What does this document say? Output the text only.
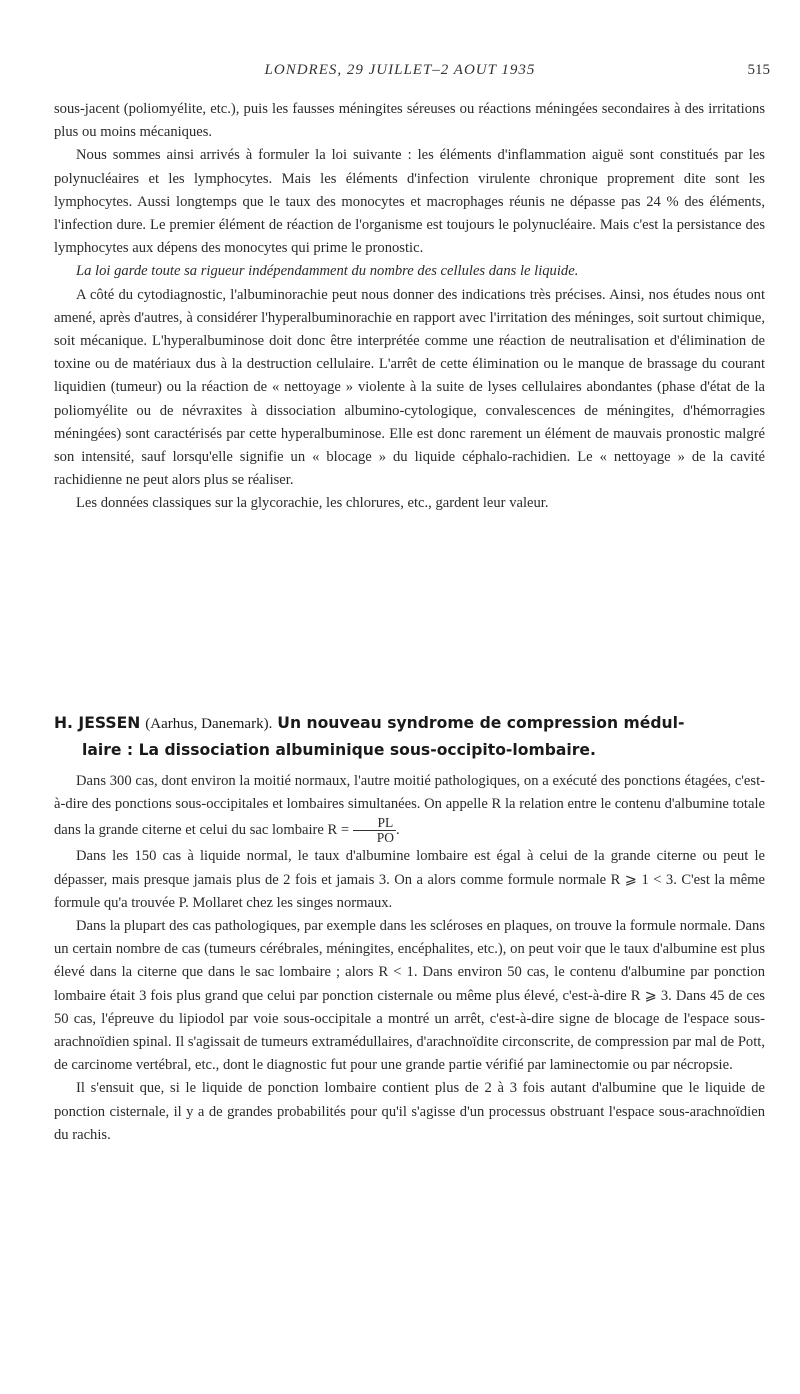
LONDRES, 29 JUILLET–2 AOUT 1935	515

sous-jacent (poliomyélite, etc.), puis les fausses méningites séreuses ou réactions méningées secondaires à des irritations plus ou moins mécaniques.

Nous sommes ainsi arrivés à formuler la loi suivante : les éléments d'inflammation aiguë sont constitués par les polynucléaires et les lymphocytes. Mais les éléments d'infection virulente chronique proprement dite sont les lymphocytes. Aussi longtemps que le taux des monocytes et macrophages réunis ne dépasse pas 24 % des éléments, l'infection dure. Le premier élément de réaction de l'organisme est toujours le polynucléaire. Mais c'est la persistance des lymphocytes aux dépens des monocytes qui prime le pronostic.

La loi garde toute sa rigueur indépendamment du nombre des cellules dans le liquide.

A côté du cytodiagnostic, l'albuminorachie peut nous donner des indications très précises. Ainsi, nos études nous ont amené, après d'autres, à considérer l'hyperalbuminorachie en rapport avec l'irritation des méninges, soit surtout chimique, soit mécanique. L'hyperalbuminose doit donc être interprétée comme une réaction de neutralisation et d'élimination de toxine ou de matériaux dus à la destruction cellulaire. L'arrêt de cette élimination ou le manque de brassage du courant liquidien (tumeur) ou la réaction de « nettoyage » violente à la suite de lyses cellulaires abondantes (phase d'état de la poliomyélite ou de névraxites à dissociation albumino-cytologique, convalescences de méningites, d'hémorragies méningées) sont caractérisés par cette hyperalbuminose. Elle est donc rarement un élément de mauvais pronostic malgré son intensité, sauf lorsqu'elle signifie un « blocage » du liquide céphalo-rachidien. Le « nettoyage » de la cavité rachidienne ne peut alors plus se réaliser.

Les données classiques sur la glycorachie, les chlorures, etc., gardent leur valeur.

H. JESSEN (Aarhus, Danemark). Un nouveau syndrome de compression médul-
laire : La dissociation albuminique sous-occipito-lombaire.

Dans 300 cas, dont environ la moitié normaux, l'autre moitié pathologiques, on a exécuté des ponctions étagées, c'est-à-dire des ponctions sous-occipitales et lombaires simultanées. On appelle R la relation entre le contenu d'albumine totale dans la grande citerne et celui du sac lombaire $R = \frac{PL}{PO}$ .

Dans les 150 cas à liquide normal, le taux d'albumine lombaire est égal à celui de la grande citerne ou peut le dépasser, mais presque jamais plus de 2 fois et jamais 3. On a alors comme formule normale R ⩾ 1 < 3. C'est la même formule qu'a trouvée P. Mollaret chez les singes normaux.

Dans la plupart des cas pathologiques, par exemple dans les scléroses en plaques, on trouve la formule normale. Dans un certain nombre de cas (tumeurs cérébrales, méningites, encéphalites, etc.), on peut voir que le taux d'albumine est plus élevé dans la citerne que dans le sac lombaire ; alors R < 1. Dans environ 50 cas, le contenu d'albumine par ponction lombaire était 3 fois plus grand que celui par ponction cisternale ou même plus élevé, c'est-à-dire R ⩾ 3. Dans 45 de ces 50 cas, l'épreuve du lipiodol par voie sous-occipitale a montré un arrêt, c'est-à-dire signe de blocage de l'espace sous-arachnoïdien spinal. Il s'agissait de tumeurs extramédullaires, d'arachnoïdite circonscrite, de compression par mal de Pott, de carcinome vertébral, etc., dont le diagnostic fut pour une grande partie vérifié par laminectomie ou par nécropsie.

Il s'ensuit que, si le liquide de ponction lombaire contient plus de 2 à 3 fois autant d'albumine que le liquide de ponction cisternale, il y a de grandes probabilités pour qu'il s'agisse d'un processus obstruant l'espace sous-arachnoïdien du rachis.
